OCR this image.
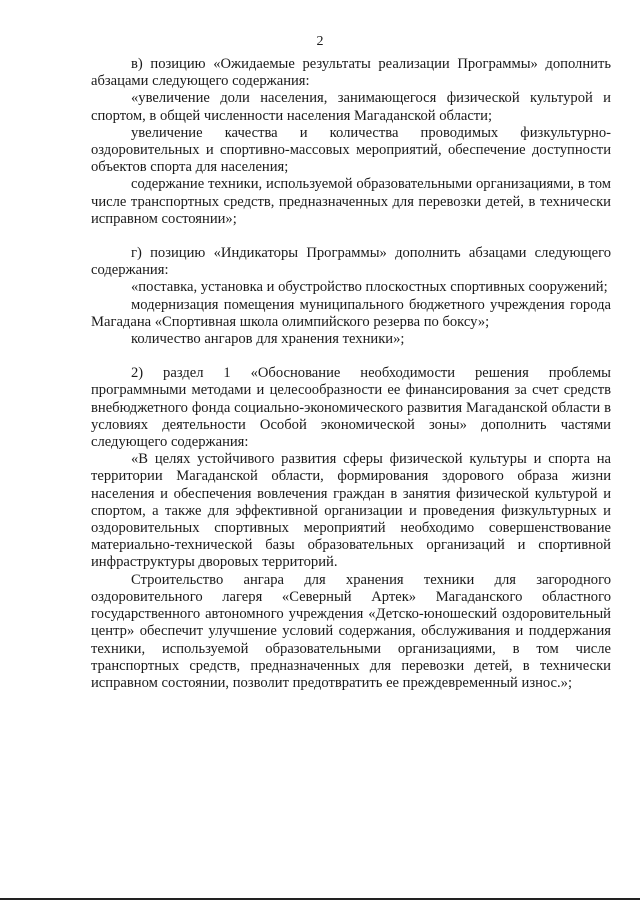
2

в) позицию «Ожидаемые результаты реализации Программы» дополнить абзацами следующего содержания:

«увеличение доли населения, занимающегося физической культурой и спортом, в общей численности населения Магаданской области;

увеличение качества и количества проводимых физкультурно-оздоровительных и спортивно-массовых мероприятий, обеспечение доступности объектов спорта для населения;

содержание техники, используемой образовательными организациями, в том числе транспортных средств, предназначенных для перевозки детей, в технически исправном состоянии»;

г) позицию «Индикаторы Программы» дополнить абзацами следующего содержания:

«поставка, установка и обустройство плоскостных спортивных сооружений;

модернизация помещения муниципального бюджетного учреждения города Магадана «Спортивная школа олимпийского резерва по боксу»;

количество ангаров для хранения техники»;

2) раздел 1 «Обоснование необходимости решения проблемы программными методами и целесообразности ее финансирования за счет средств внебюджетного фонда социально-экономического развития Магаданской области в условиях деятельности Особой экономической зоны» дополнить частями следующего содержания:

«В целях устойчивого развития сферы физической культуры и спорта на территории Магаданской области, формирования здорового образа жизни населения и обеспечения вовлечения граждан в занятия физической культурой и спортом, а также для эффективной организации и проведения физкультурных и оздоровительных спортивных мероприятий необходимо совершенствование материально-технической базы образовательных организаций и спортивной инфраструктуры дворовых территорий.

Строительство ангара для хранения техники для загородного оздоровительного лагеря «Северный Артек» Магаданского областного государственного автономного учреждения «Детско-юношеский оздоровительный центр» обеспечит улучшение условий содержания, обслуживания и поддержания техники, используемой образовательными организациями, в том числе транспортных средств, предназначенных для перевозки детей, в технически исправном состоянии, позволит предотвратить ее преждевременный износ.»;
